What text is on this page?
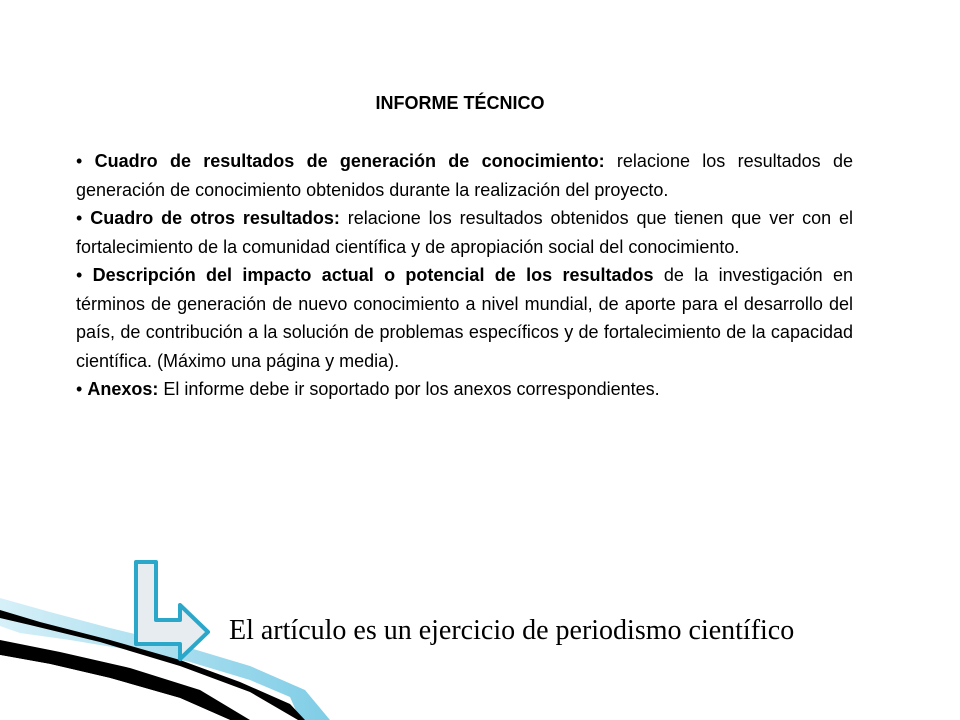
INFORME TÉCNICO

• Cuadro de resultados de generación de conocimiento: relacione los resultados de generación de conocimiento obtenidos durante la realización del proyecto.

• Cuadro de otros resultados: relacione los resultados obtenidos que tienen que ver con el fortalecimiento de la comunidad científica y de apropiación social del conocimiento.

• Descripción del impacto actual o potencial de los resultados de la investigación en términos de generación de nuevo conocimiento a nivel mundial, de aporte para el desarrollo del país, de contribución a la solución de problemas específicos y de fortalecimiento de la capacidad científica. (Máximo una página y media).

• Anexos: El informe debe ir soportado por los anexos correspondientes.

El artículo es un ejercicio de periodismo científico
